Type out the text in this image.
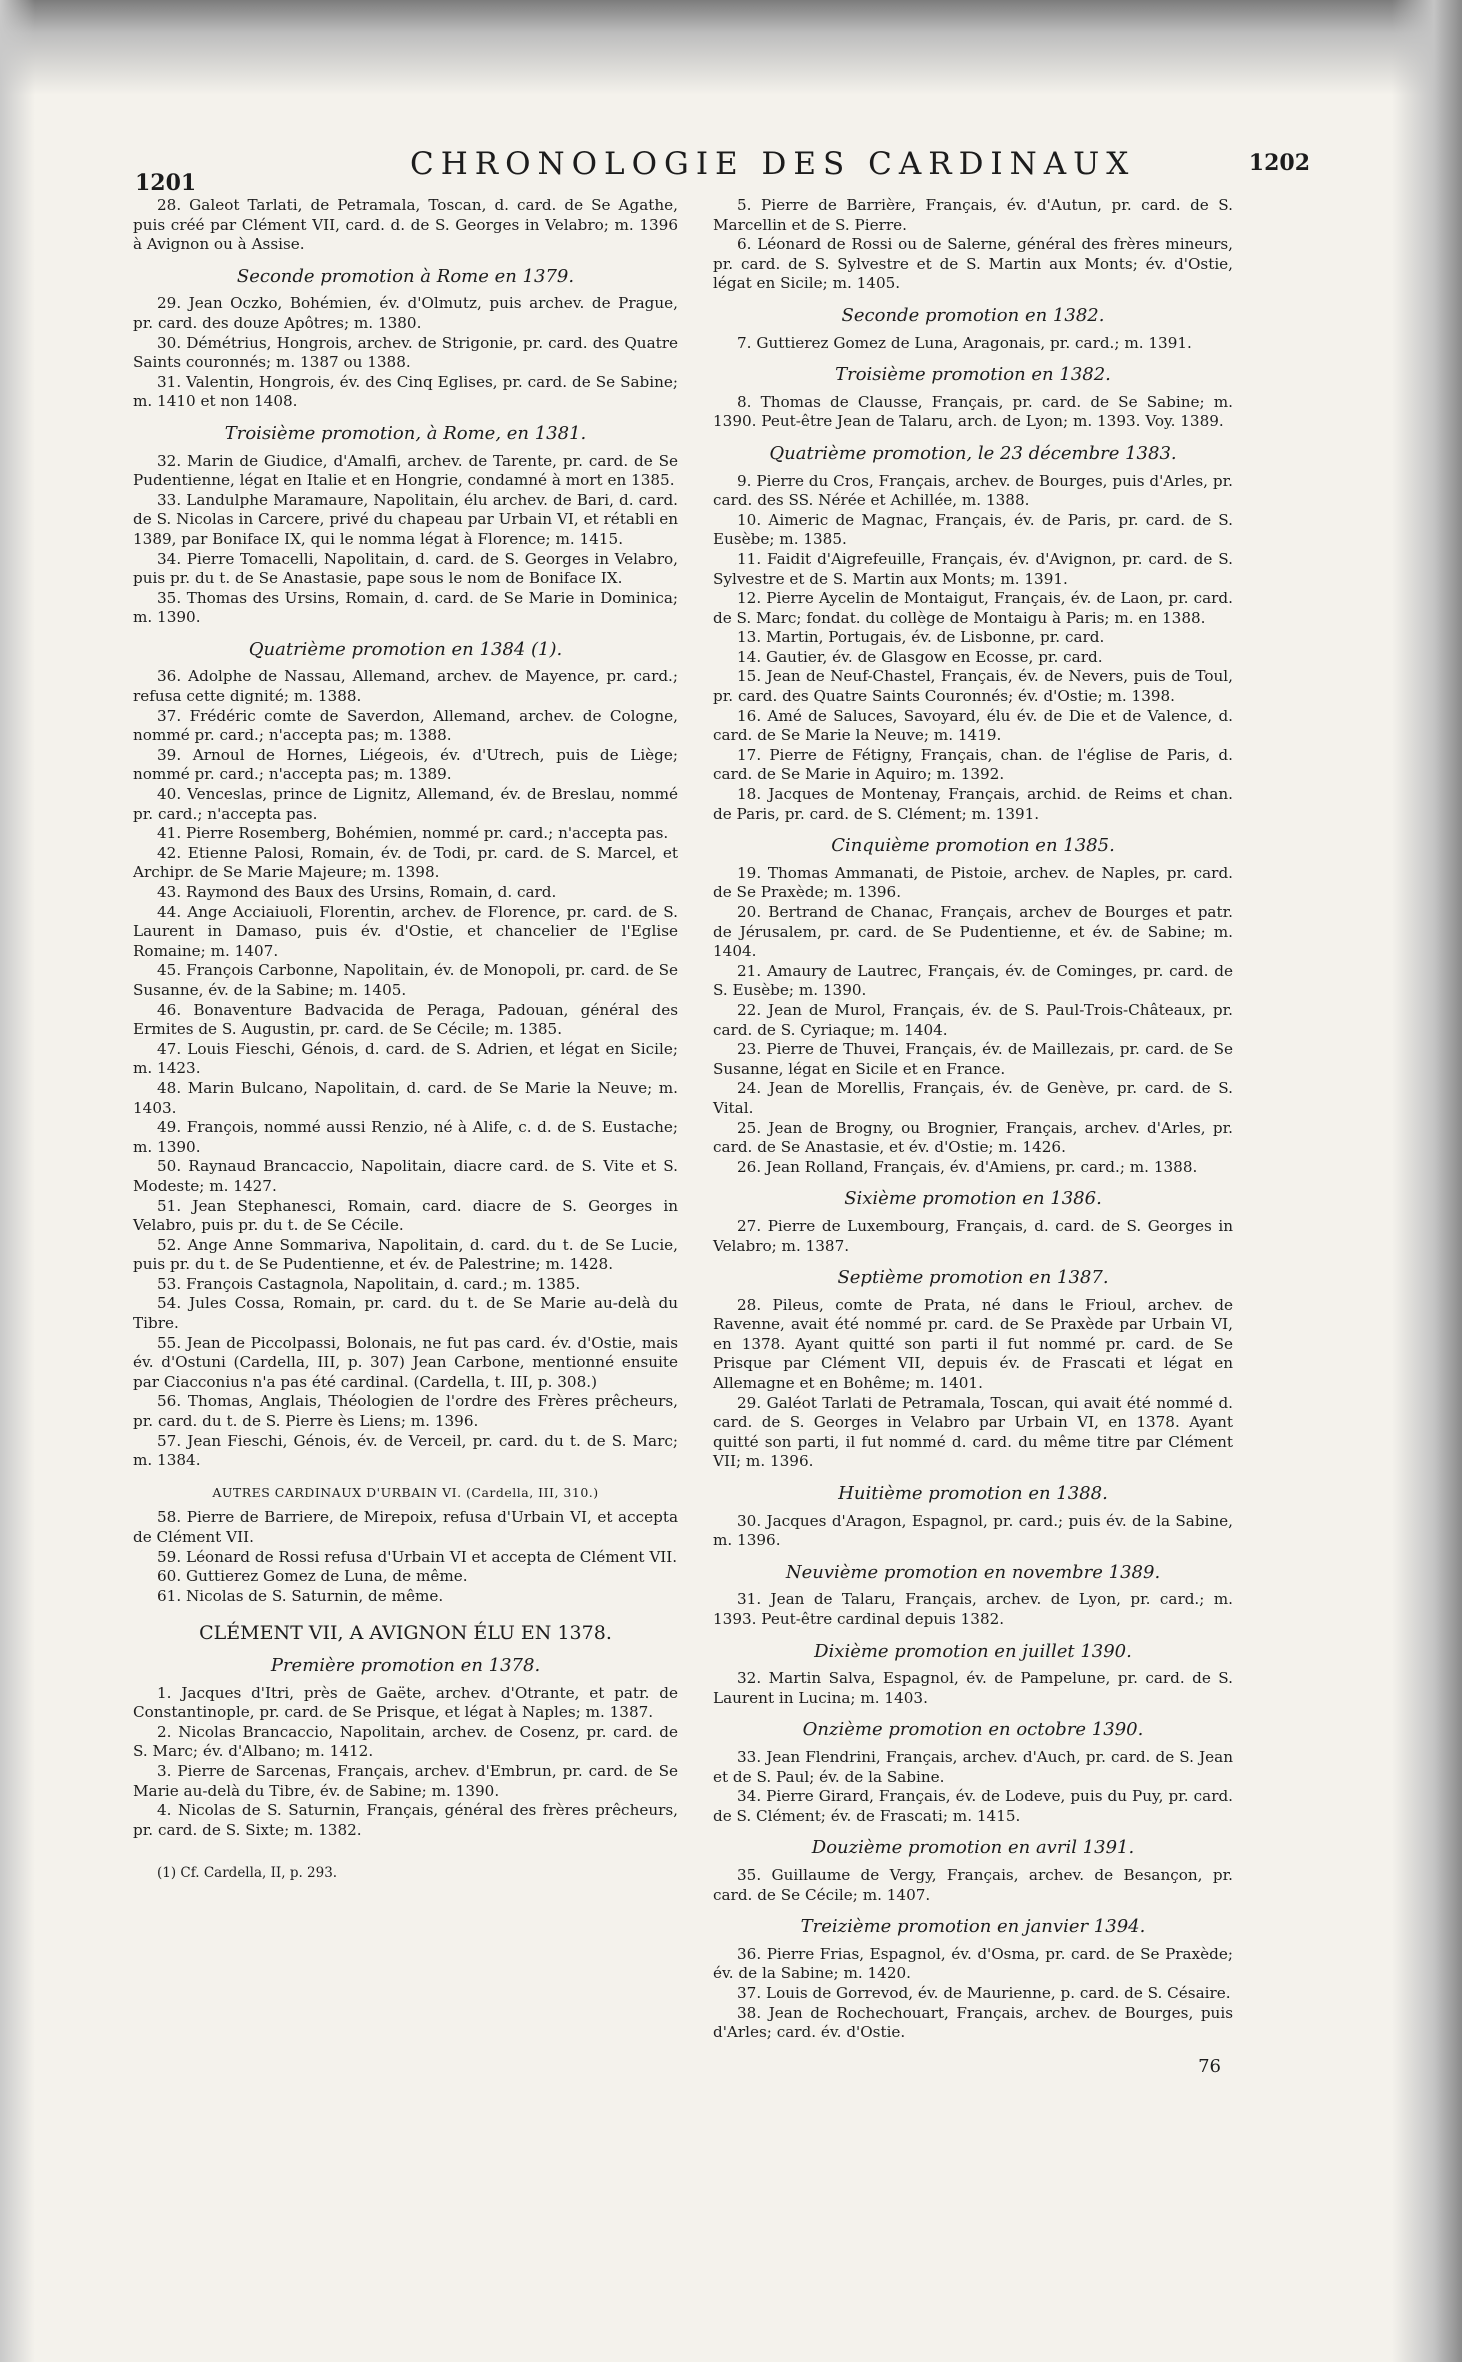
1201
CHRONOLOGIE DES CARDINAUX	1202

28. Galeot Tarlati, de Petramala, Toscan, d. card. de Se Agathe, puis créé par Clément VII, card. d. de S. Georges in Velabro; m. 1396 à Avignon ou à Assise.

Seconde promotion à Rome en 1379.

29. Jean Oczko, Bohémien, év. d'Olmutz, puis archev. de Prague, pr. card. des douze Apôtres; m. 1380.

30. Démétrius, Hongrois, archev. de Strigonie, pr. card. des Quatre Saints couronnés; m. 1387 ou 1388.

31. Valentin, Hongrois, év. des Cinq Eglises, pr. card. de Se Sabine; m. 1410 et non 1408.

Troisième promotion, à Rome, en 1381.

32. Marin de Giudice, d'Amalfi, archev. de Tarente, pr. card. de Se Pudentienne, légat en Italie et en Hongrie, condamné à mort en 1385.

33. Landulphe Maramaure, Napolitain, élu archev. de Bari, d. card. de S. Nicolas in Carcere, privé du chapeau par Urbain VI, et rétabli en 1389, par Boniface IX, qui le nomma légat à Florence; m. 1415.

34. Pierre Tomacelli, Napolitain, d. card. de S. Georges in Velabro, puis pr. du t. de Se Anastasie, pape sous le nom de Boniface IX.

35. Thomas des Ursins, Romain, d. card. de Se Marie in Dominica; m. 1390.

Quatrième promotion en 1384 (1).

36. Adolphe de Nassau, Allemand, archev. de Mayence, pr. card.; refusa cette dignité; m. 1388.

37. Frédéric comte de Saverdon, Allemand, archev. de Cologne, nommé pr. card.; n'accepta pas; m. 1388.

39. Arnoul de Hornes, Liégeois, év. d'Utrech, puis de Liège; nommé pr. card.; n'accepta pas; m. 1389.

40. Venceslas, prince de Lignitz, Allemand, év. de Breslau, nommé pr. card.; n'accepta pas.

41. Pierre Rosemberg, Bohémien, nommé pr. card.; n'accepta pas.

42. Etienne Palosi, Romain, év. de Todi, pr. card. de S. Marcel, et Archipr. de Se Marie Majeure; m. 1398.

43. Raymond des Baux des Ursins, Romain, d. card.

44. Ange Acciaiuoli, Florentin, archev. de Florence, pr. card. de S. Laurent in Damaso, puis év. d'Ostie, et chancelier de l'Eglise Romaine; m. 1407.

45. François Carbonne, Napolitain, év. de Monopoli, pr. card. de Se Susanne, év. de la Sabine; m. 1405.

46. Bonaventure Badvacida de Peraga, Padouan, général des Ermites de S. Augustin, pr. card. de Se Cécile; m. 1385.

47. Louis Fieschi, Génois, d. card. de S. Adrien, et légat en Sicile; m. 1423.

48. Marin Bulcano, Napolitain, d. card. de Se Marie la Neuve; m. 1403.

49. François, nommé aussi Renzio, né à Alife, c. d. de S. Eustache; m. 1390.

50. Raynaud Brancaccio, Napolitain, diacre card. de S. Vite et S. Modeste; m. 1427.

51. Jean Stephanesci, Romain, card. diacre de S. Georges in Velabro, puis pr. du t. de Se Cécile.

52. Ange Anne Sommariva, Napolitain, d. card. du t. de Se Lucie, puis pr. du t. de Se Pudentienne, et év. de Palestrine; m. 1428.

53. François Castagnola, Napolitain, d. card.; m. 1385.

54. Jules Cossa, Romain, pr. card. du t. de Se Marie au-delà du Tibre.

55. Jean de Piccolpassi, Bolonais, ne fut pas card. év. d'Ostie, mais év. d'Ostuni (Cardella, III, p. 307) Jean Carbone, mentionné ensuite par Ciacconius n'a pas été cardinal. (Cardella, t. III, p. 308.)

56. Thomas, Anglais, Théologien de l'ordre des Frères prêcheurs, pr. card. du t. de S. Pierre ès Liens; m. 1396.

57. Jean Fieschi, Génois, év. de Verceil, pr. card. du t. de S. Marc; m. 1384.

AUTRES CARDINAUX D'URBAIN VI. (Cardella, III, 310.)

58. Pierre de Barriere, de Mirepoix, refusa d'Urbain VI, et accepta de Clément VII.

59. Léonard de Rossi refusa d'Urbain VI et accepta de Clément VII.

60. Guttierez Gomez de Luna, de même.

61. Nicolas de S. Saturnin, de même.

CLÉMENT VII, A AVIGNON ÉLU EN 1378.

Première promotion en 1378.

1. Jacques d'Itri, près de Gaëte, archev. d'Otrante, et patr. de Constantinople, pr. card. de Se Prisque, et légat à Naples; m. 1387.

2. Nicolas Brancaccio, Napolitain, archev. de Cosenz, pr. card. de S. Marc; év. d'Albano; m. 1412.

3. Pierre de Sarcenas, Français, archev. d'Embrun, pr. card. de Se Marie au-delà du Tibre, év. de Sabine; m. 1390.

4. Nicolas de S. Saturnin, Français, général des frères prêcheurs, pr. card. de S. Sixte; m. 1382.

(1) Cf. Cardella, II, p. 293.

5. Pierre de Barrière, Français, év. d'Autun, pr. card. de S. Marcellin et de S. Pierre.

6. Léonard de Rossi ou de Salerne, général des frères mineurs, pr. card. de S. Sylvestre et de S. Martin aux Monts; év. d'Ostie, légat en Sicile; m. 1405.

Seconde promotion en 1382.

7. Guttierez Gomez de Luna, Aragonais, pr. card.; m. 1391.

Troisième promotion en 1382.

8. Thomas de Clausse, Français, pr. card. de Se Sabine; m. 1390. Peut-être Jean de Talaru, arch. de Lyon; m. 1393. Voy. 1389.

Quatrième promotion, le 23 décembre 1383.

9. Pierre du Cros, Français, archev. de Bourges, puis d'Arles, pr. card. des SS. Nérée et Achillée, m. 1388.

10. Aimeric de Magnac, Français, év. de Paris, pr. card. de S. Eusèbe; m. 1385.

11. Faidit d'Aigrefeuille, Français, év. d'Avignon, pr. card. de S. Sylvestre et de S. Martin aux Monts; m. 1391.

12. Pierre Aycelin de Montaigut, Français, év. de Laon, pr. card. de S. Marc; fondat. du collège de Montaigu à Paris; m. en 1388.

13. Martin, Portugais, év. de Lisbonne, pr. card.

14. Gautier, év. de Glasgow en Ecosse, pr. card.

15. Jean de Neuf-Chastel, Français, év. de Nevers, puis de Toul, pr. card. des Quatre Saints Couronnés; év. d'Ostie; m. 1398.

16. Amé de Saluces, Savoyard, élu év. de Die et de Valence, d. card. de Se Marie la Neuve; m. 1419.

17. Pierre de Fétigny, Français, chan. de l'église de Paris, d. card. de Se Marie in Aquiro; m. 1392.

18. Jacques de Montenay, Français, archid. de Reims et chan. de Paris, pr. card. de S. Clément; m. 1391.

Cinquième promotion en 1385.

19. Thomas Ammanati, de Pistoie, archev. de Naples, pr. card. de Se Praxède; m. 1396.

20. Bertrand de Chanac, Français, archev de Bourges et patr. de Jérusalem, pr. card. de Se Pudentienne, et év. de Sabine; m. 1404.

21. Amaury de Lautrec, Français, év. de Cominges, pr. card. de S. Eusèbe; m. 1390.

22. Jean de Murol, Français, év. de S. Paul-Trois-Châteaux, pr. card. de S. Cyriaque; m. 1404.

23. Pierre de Thuvei, Français, év. de Maillezais, pr. card. de Se Susanne, légat en Sicile et en France.

24. Jean de Morellis, Français, év. de Genève, pr. card. de S. Vital.

25. Jean de Brogny, ou Brognier, Français, archev. d'Arles, pr. card. de Se Anastasie, et év. d'Ostie; m. 1426.

26. Jean Rolland, Français, év. d'Amiens, pr. card.; m. 1388.

Sixième promotion en 1386.

27. Pierre de Luxembourg, Français, d. card. de S. Georges in Velabro; m. 1387.

Septième promotion en 1387.

28. Pileus, comte de Prata, né dans le Frioul, archev. de Ravenne, avait été nommé pr. card. de Se Praxède par Urbain VI, en 1378. Ayant quitté son parti il fut nommé pr. card. de Se Prisque par Clément VII, depuis év. de Frascati et légat en Allemagne et en Bohême; m. 1401.

29. Galéot Tarlati de Petramala, Toscan, qui avait été nommé d. card. de S. Georges in Velabro par Urbain VI, en 1378. Ayant quitté son parti, il fut nommé d. card. du même titre par Clément VII; m. 1396.

Huitième promotion en 1388.

30. Jacques d'Aragon, Espagnol, pr. card.; puis év. de la Sabine, m. 1396.

Neuvième promotion en novembre 1389.

31. Jean de Talaru, Français, archev. de Lyon, pr. card.; m. 1393. Peut-être cardinal depuis 1382.

Dixième promotion en juillet 1390.

32. Martin Salva, Espagnol, év. de Pampelune, pr. card. de S. Laurent in Lucina; m. 1403.

Onzième promotion en octobre 1390.

33. Jean Flendrini, Français, archev. d'Auch, pr. card. de S. Jean et de S. Paul; év. de la Sabine.

34. Pierre Girard, Français, év. de Lodeve, puis du Puy, pr. card. de S. Clément; év. de Frascati; m. 1415.

Douzième promotion en avril 1391.

35. Guillaume de Vergy, Français, archev. de Besançon, pr. card. de Se Cécile; m. 1407.

Treizième promotion en janvier 1394.

36. Pierre Frias, Espagnol, év. d'Osma, pr. card. de Se Praxède; év. de la Sabine; m. 1420.

37. Louis de Gorrevod, év. de Maurienne, p. card. de S. Césaire.

38. Jean de Rochechouart, Français, archev. de Bourges, puis d'Arles; card. év. d'Ostie.

76
